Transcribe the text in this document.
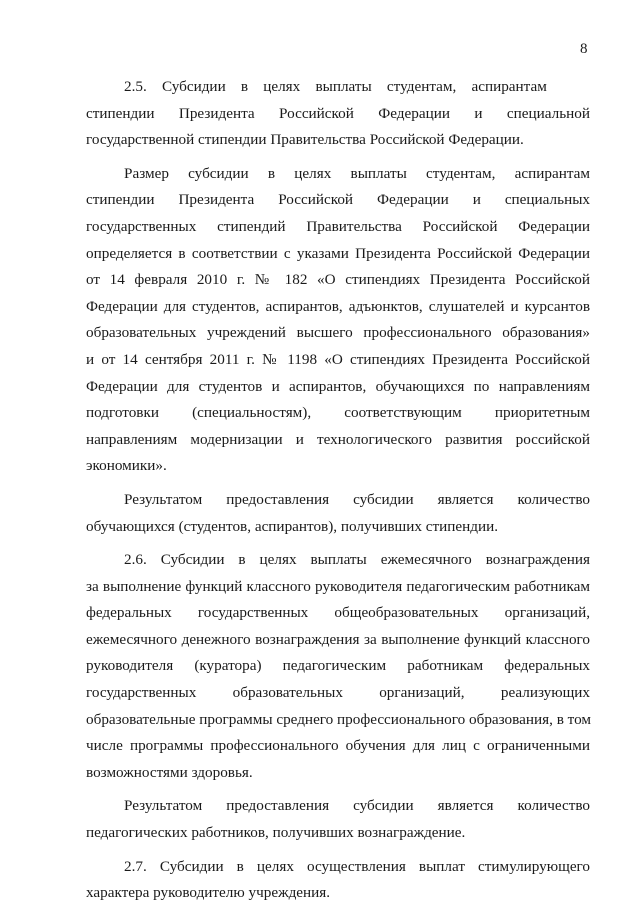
8
2.5. Субсидии в целях выплаты студентам, аспирантам
стипендии Президента Российской Федерации и специальной
государственной стипендии Правительства Российской Федерации.
Размер субсидии в целях выплаты студентам, аспирантам
стипендии Президента Российской Федерации и специальных
государственных стипендий Правительства Российской Федерации
определяется в соответствии с указами Президента Российской Федерации
от 14 февраля 2010 г. № 182 «О стипендиях Президента Российской
Федерации для студентов, аспирантов, адъюнктов, слушателей и курсантов
образовательных учреждений высшего профессионального образования»
и от 14 сентября 2011 г. № 1198 «О стипендиях Президента Российской
Федерации для студентов и аспирантов, обучающихся по направлениям
подготовки (специальностям), соответствующим приоритетным
направлениям модернизации и технологического развития российской
экономики».
Результатом предоставления субсидии является количество
обучающихся (студентов, аспирантов), получивших стипендии.
2.6. Субсидии в целях выплаты ежемесячного вознаграждения
за выполнение функций классного руководителя педагогическим работникам
федеральных государственных общеобразовательных организаций,
ежемесячного денежного вознаграждения за выполнение функций классного
руководителя (куратора) педагогическим работникам федеральных
государственных образовательных организаций, реализующих
образовательные программы среднего профессионального образования, в том
числе программы профессионального обучения для лиц с ограниченными
возможностями здоровья.
Результатом предоставления субсидии является количество
педагогических работников, получивших вознаграждение.
2.7. Субсидии в целях осуществления выплат стимулирующего
характера руководителю учреждения.
